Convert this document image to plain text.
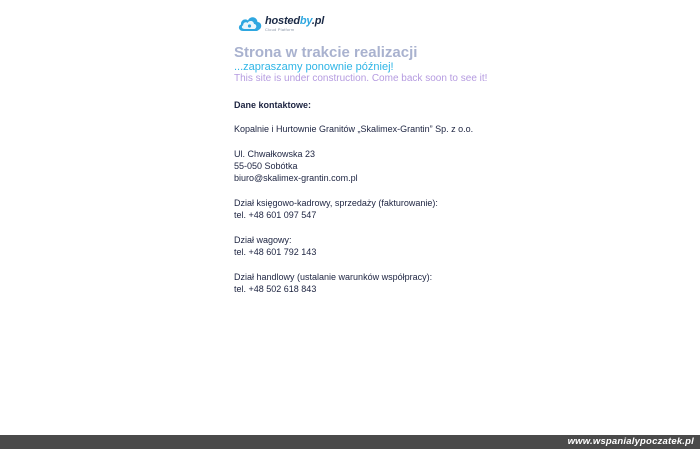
hostedby.pl
Cloud Platform
Strona w trakcie realizacji
...zapraszamy ponownie później!
This site is under construction. Come back soon to see it!
Dane kontaktowe:
Kopalnie i Hurtownie Granitów „Skalimex-Grantin” Sp. z o.o.
Ul. Chwałkowska 23
55-050 Sobótka
biuro@skalimex-grantin.com.pl
Dział księgowo-kadrowy, sprzedaży (fakturowanie):
tel. +48 601 097 547
Dział wagowy:
tel. +48 601 792 143
Dział handlowy (ustalanie warunków współpracy):
tel. +48 502 618 843
www.wspanialypoczatek.pl
